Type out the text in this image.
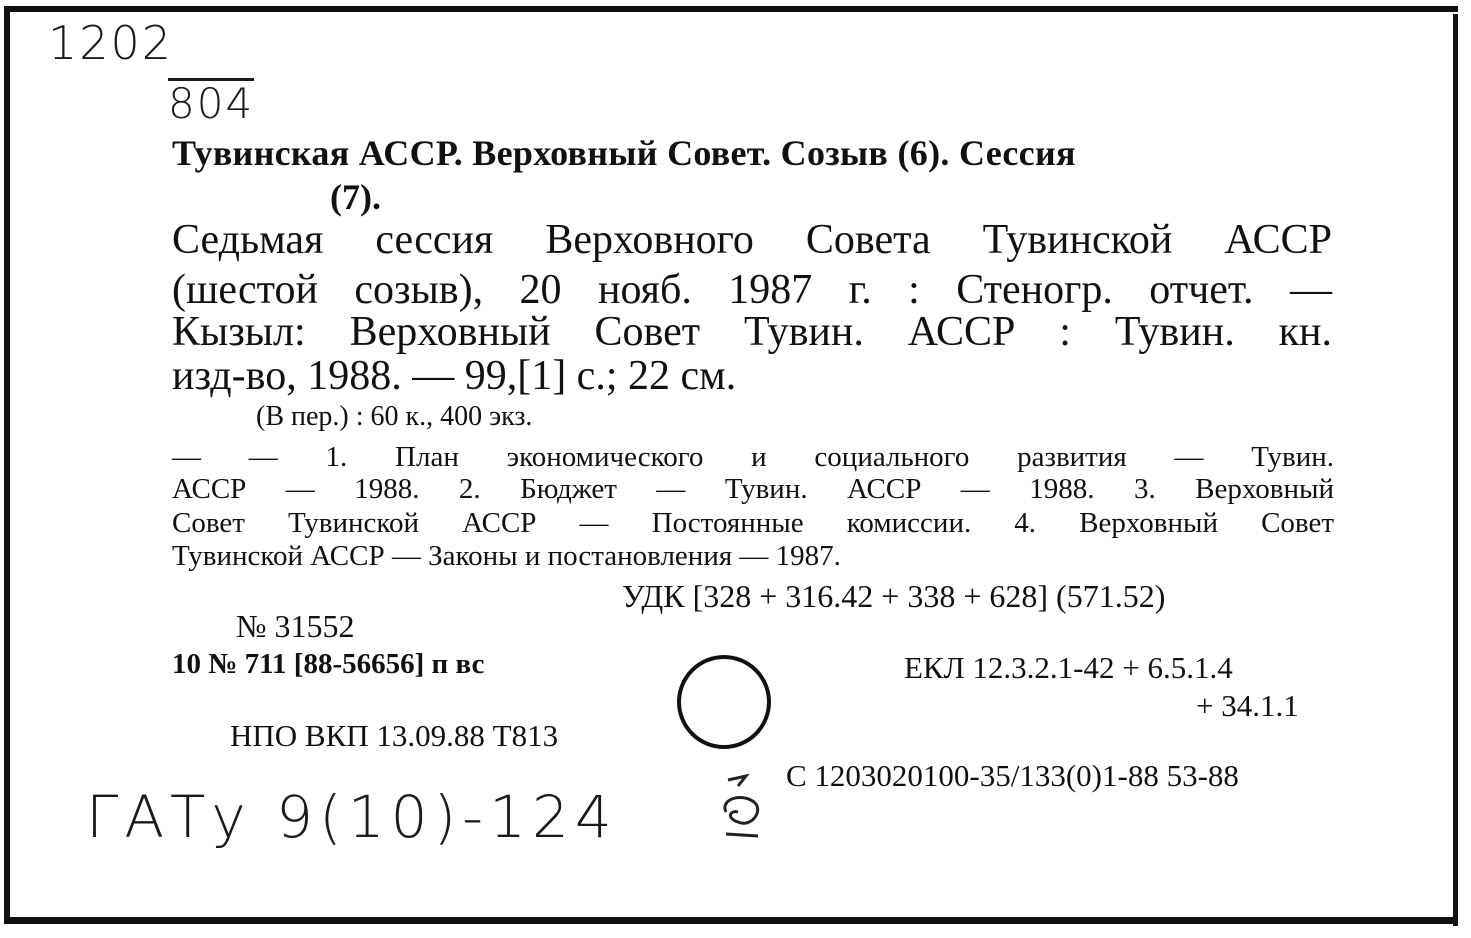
1202
804
Тувинская АССР. Верховный Совет. Созыв (6). Сессия
(7).

Седьмая сессия Верховного Совета Тувинской АССР

(шестой созыв), 20 нояб. 1987 г. : Стеногр. отчет. —

Кызыл: Верховный Совет Тувин. АССР : Тувин. кн.

изд-во, 1988. — 99,[1] с.; 22 см.

(В пер.) : 60 к., 400 экз.

— — 1. План экономического и социального развития — Тувин.

АССР — 1988. 2. Бюджет — Тувин. АССР — 1988. 3. Верховный

Совет Тувинской АССР — Постоянные комиссии. 4. Верховный Совет

Тувинской АССР — Законы и постановления — 1987.

УДК [328 + 316.42 + 338 + 628] (571.52)
№ 31552
10 № 711 [88-56656] п вс	ЕКЛ 12.3.2.1-42 + 6.5.1.4
+ 34.1.1
НПО ВКП 13.09.88 Т813
С 1203020100-35/133(0)1-88 53-88
ГАТу 9(10)-124
